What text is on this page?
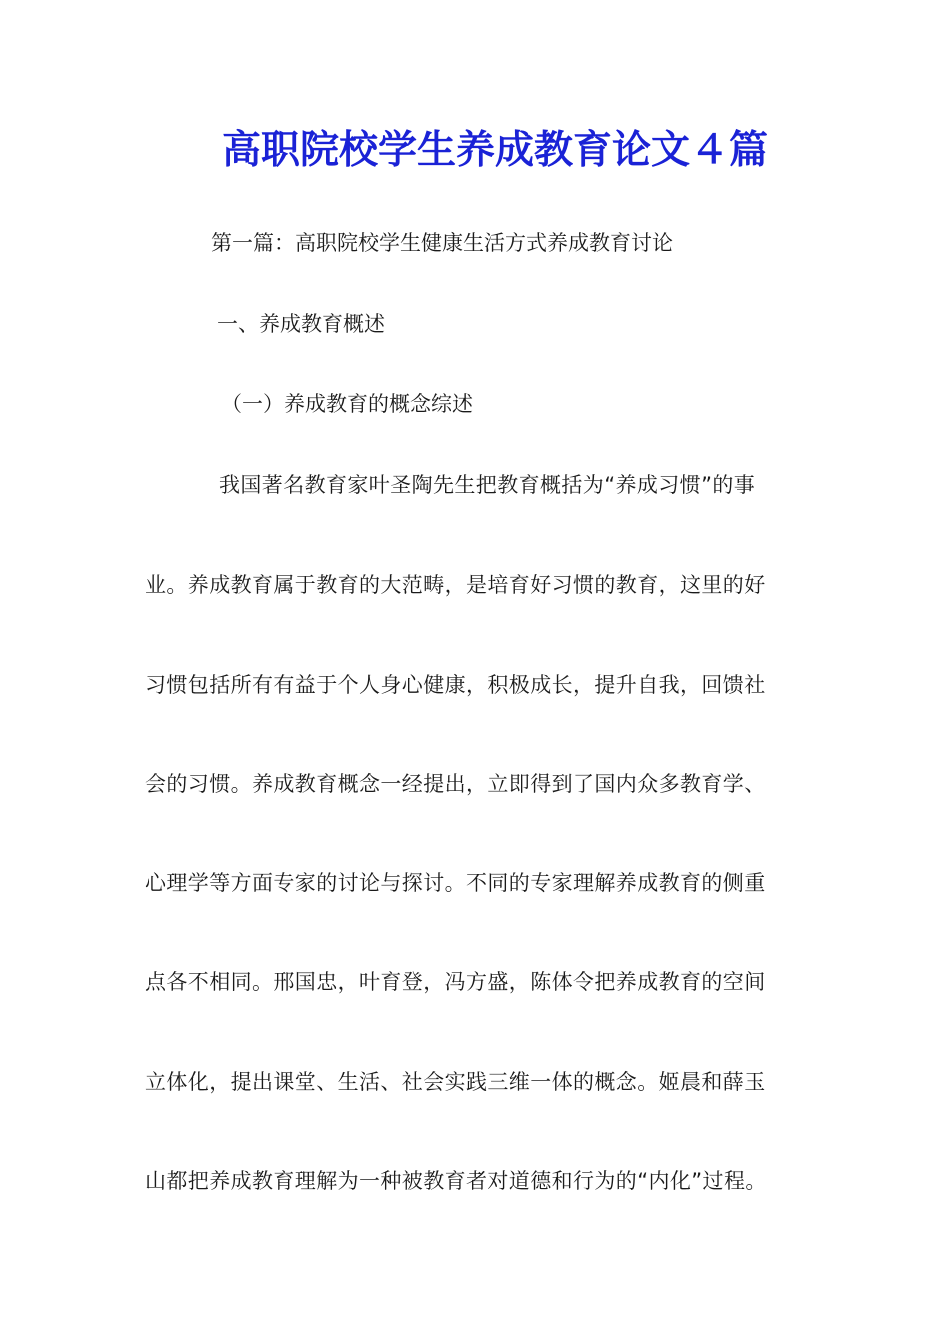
高职院校学生养成教育论文４篇
第一篇：高职院校学生健康生活方式养成教育讨论
一、养成教育概述
（一）养成教育的概念综述
我国著名教育家叶圣陶先生把教育概括为“养成习惯”的事
业。养成教育属于教育的大范畴，是培育好习惯的教育，这里的好
习惯包括所有有益于个人身心健康，积极成长，提升自我，回馈社
会的习惯。养成教育概念一经提出，立即得到了国内众多教育学、
心理学等方面专家的讨论与探讨。不同的专家理解养成教育的侧重
点各不相同。邢国忠，叶育登，冯方盛，陈体令把养成教育的空间
立体化，提出课堂、生活、社会实践三维一体的概念。姬晨和薛玉
山都把养成教育理解为一种被教育者对道德和行为的“内化”过程。
